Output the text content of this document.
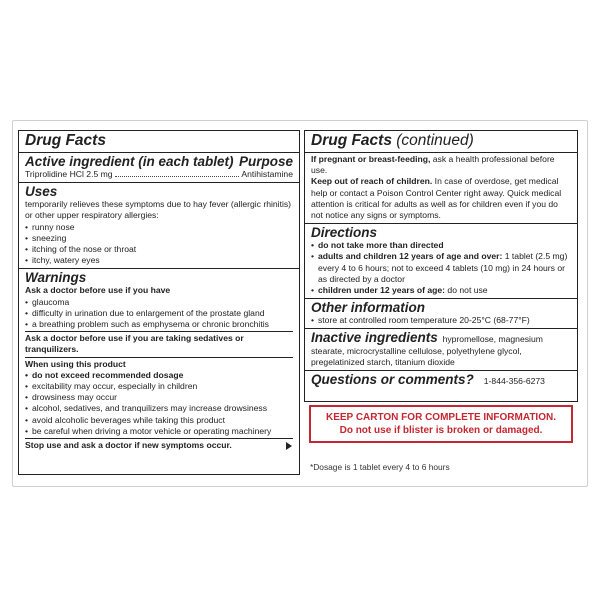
Drug Facts
Active ingredient (in each tablet) Purpose
Triprolidine HCl 2.5 mg	Antihistamine
Uses
temporarily relieves these symptoms due to hay fever (allergic rhinitis) or other upper respiratory allergies:
• runny nose
• sneezing
• itching of the nose or throat
• itchy, watery eyes
Warnings
Ask a doctor before use if you have
• glaucoma
• difficulty in urination due to enlargement of the prostate gland
• a breathing problem such as emphysema or chronic bronchitis
Ask a doctor before use if you are taking sedatives or tranquilizers.
When using this product
• do not exceed recommended dosage
• excitability may occur, especially in children
• drowsiness may occur
• alcohol, sedatives, and tranquilizers may increase drowsiness
• avoid alcoholic beverages while taking this product
• be careful when driving a motor vehicle or operating machinery
Stop use and ask a doctor if new symptoms occur.
Drug Facts (continued)
If pregnant or breast-feeding, ask a health professional before use.
Keep out of reach of children. In case of overdose, get medical help or contact a Poison Control Center right away. Quick medical attention is critical for adults as well as for children even if you do not notice any signs or symptoms.
Directions
• do not take more than directed
• adults and children 12 years of age and over: 1 tablet (2.5 mg) every 4 to 6 hours; not to exceed 4 tablets (10 mg) in 24 hours or as directed by a doctor
• children under 12 years of age: do not use
Other information
• store at controlled room temperature 20-25°C (68-77°F)
Inactive ingredients hypromellose, magnesium stearate, microcrystalline cellulose, polyethylene glycol, pregelatinized starch, titanium dioxide
Questions or comments? 1-844-356-6273
KEEP CARTON FOR COMPLETE INFORMATION.
Do not use if blister is broken or damaged.
*Dosage is 1 tablet every 4 to 6 hours
